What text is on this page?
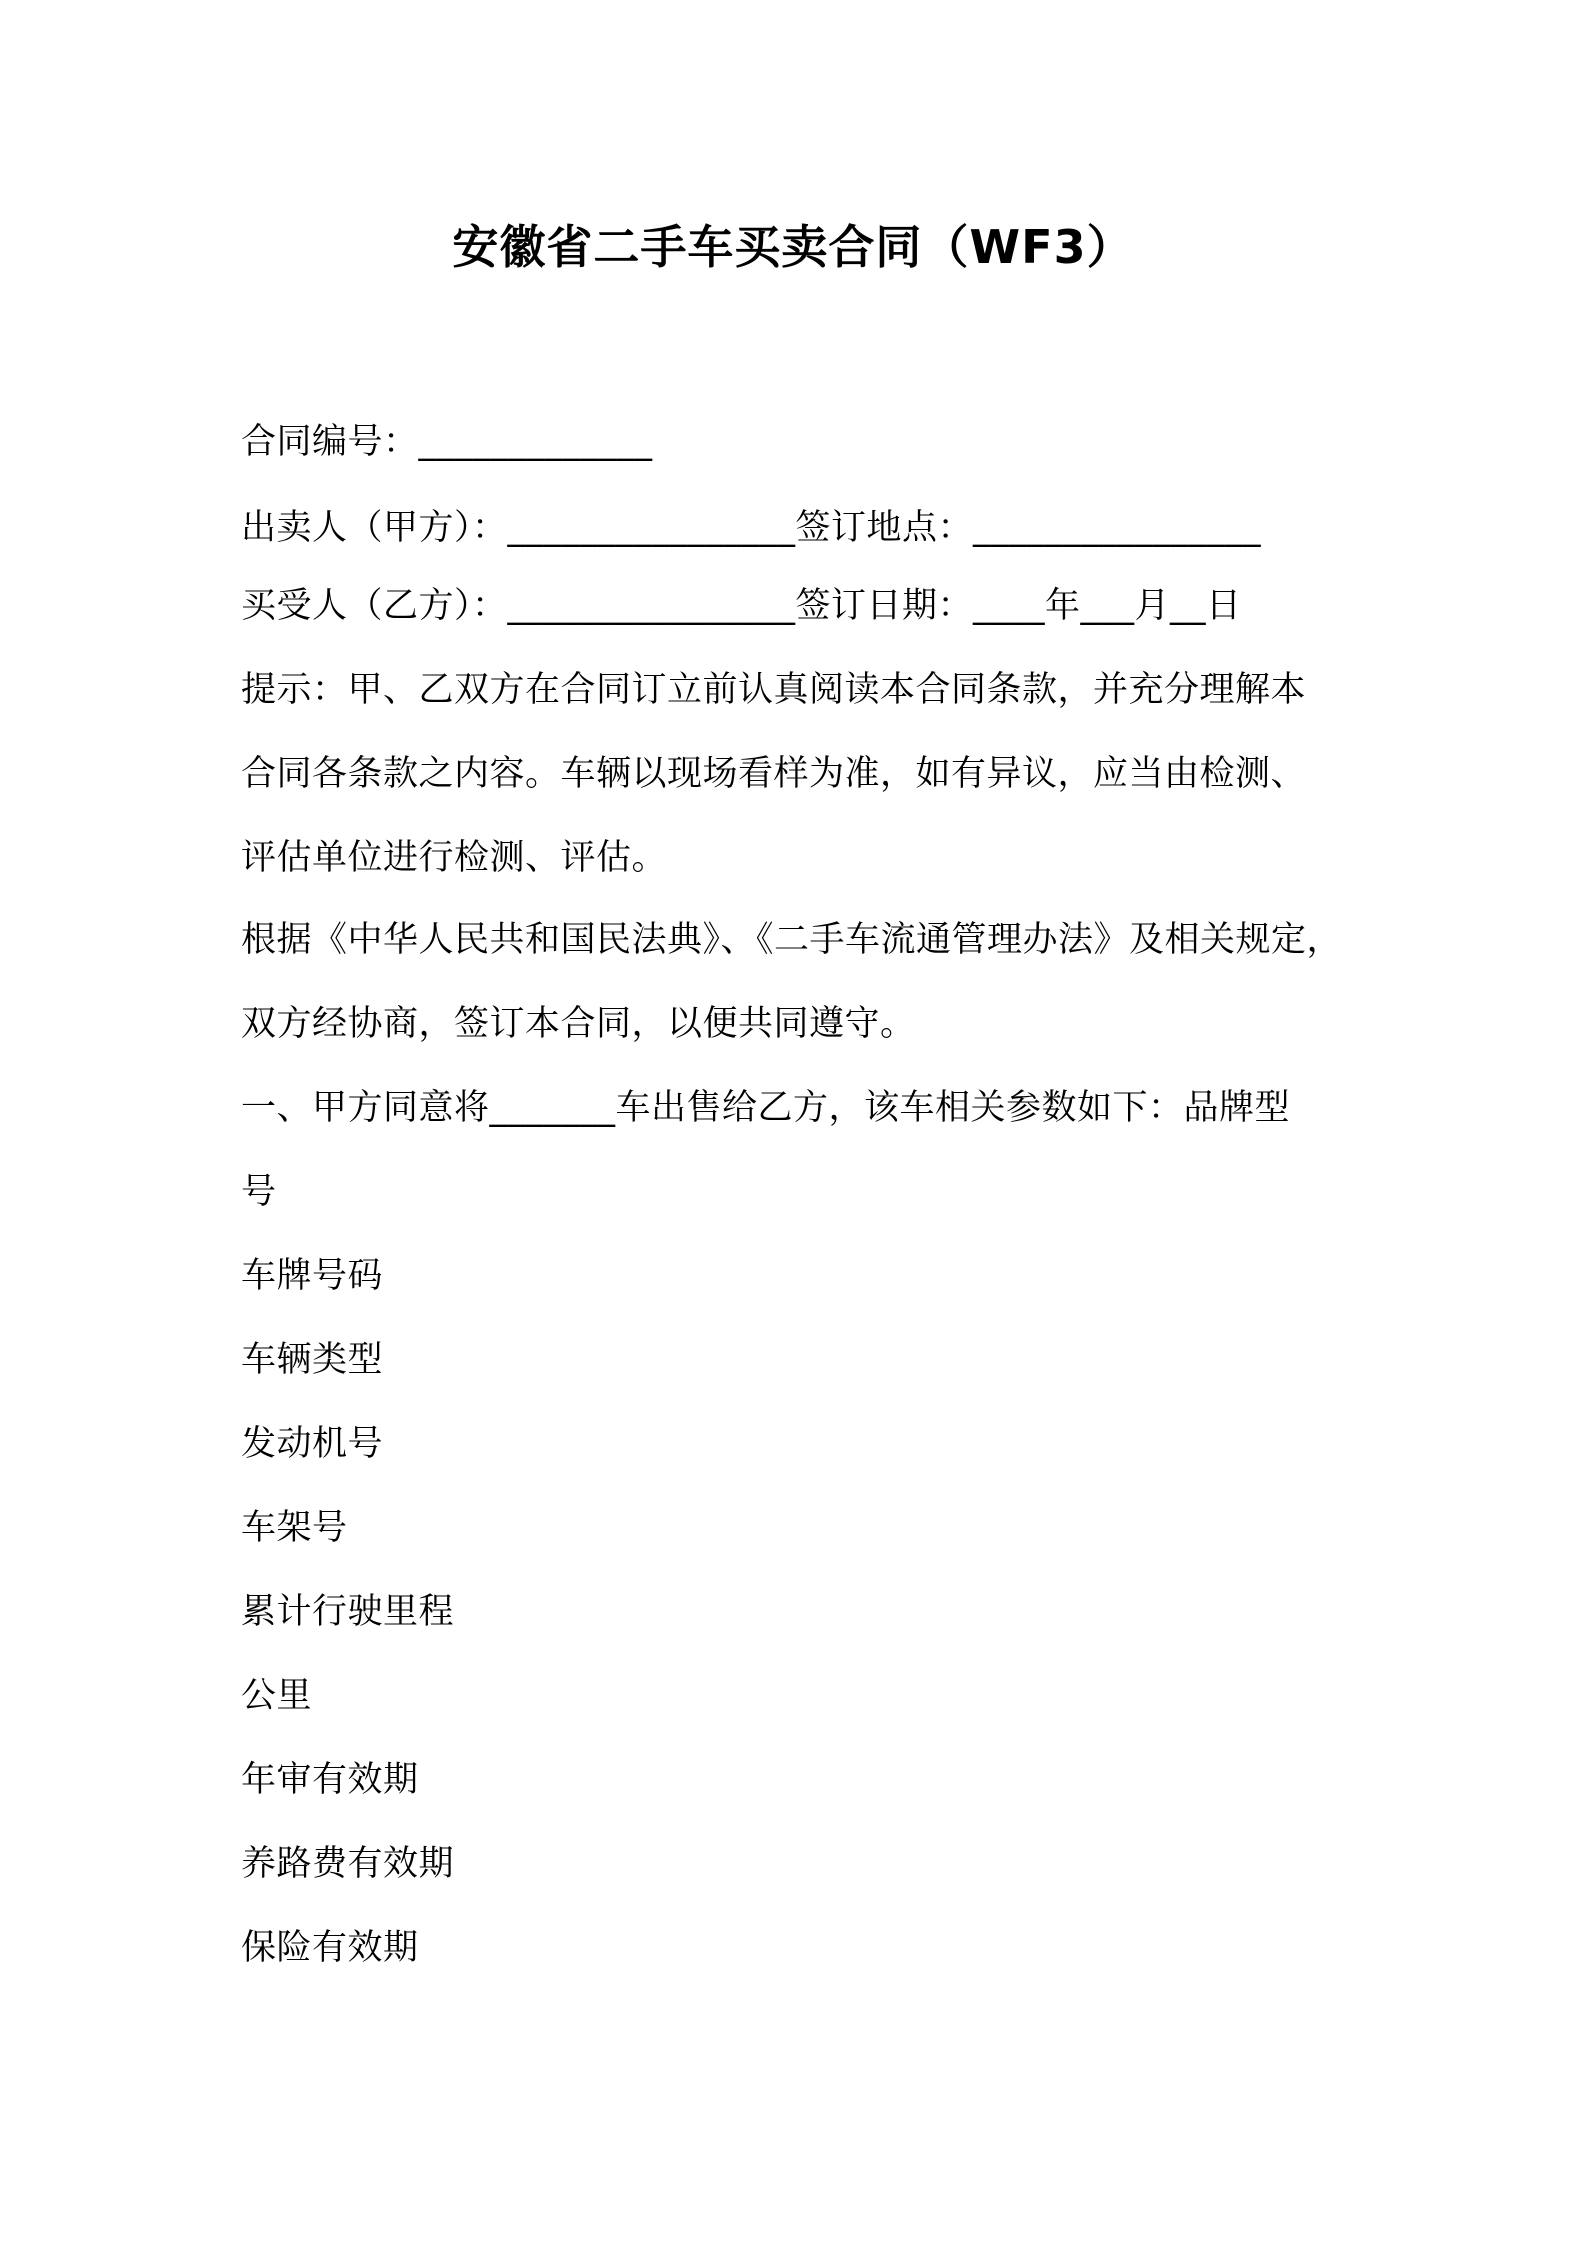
安徽省二手车买卖合同（WF3）
合同编号：_____________
出卖人（甲方）：________________签订地点：________________
买受人（乙方）：________________签订日期：____年___月__日
提示：甲、乙双方在合同订立前认真阅读本合同条款，并充分理解本
合同各条款之内容。车辆以现场看样为准，如有异议，应当由检测、
评估单位进行检测、评估。
根据《中华人民共和国民法典》、《二手车流通管理办法》及相关规定，
双方经协商，签订本合同，以便共同遵守。
一、甲方同意将_______车出售给乙方，该车相关参数如下：品牌型
号
车牌号码
车辆类型
发动机号
车架号
累计行驶里程
公里
年审有效期
养路费有效期
保险有效期
